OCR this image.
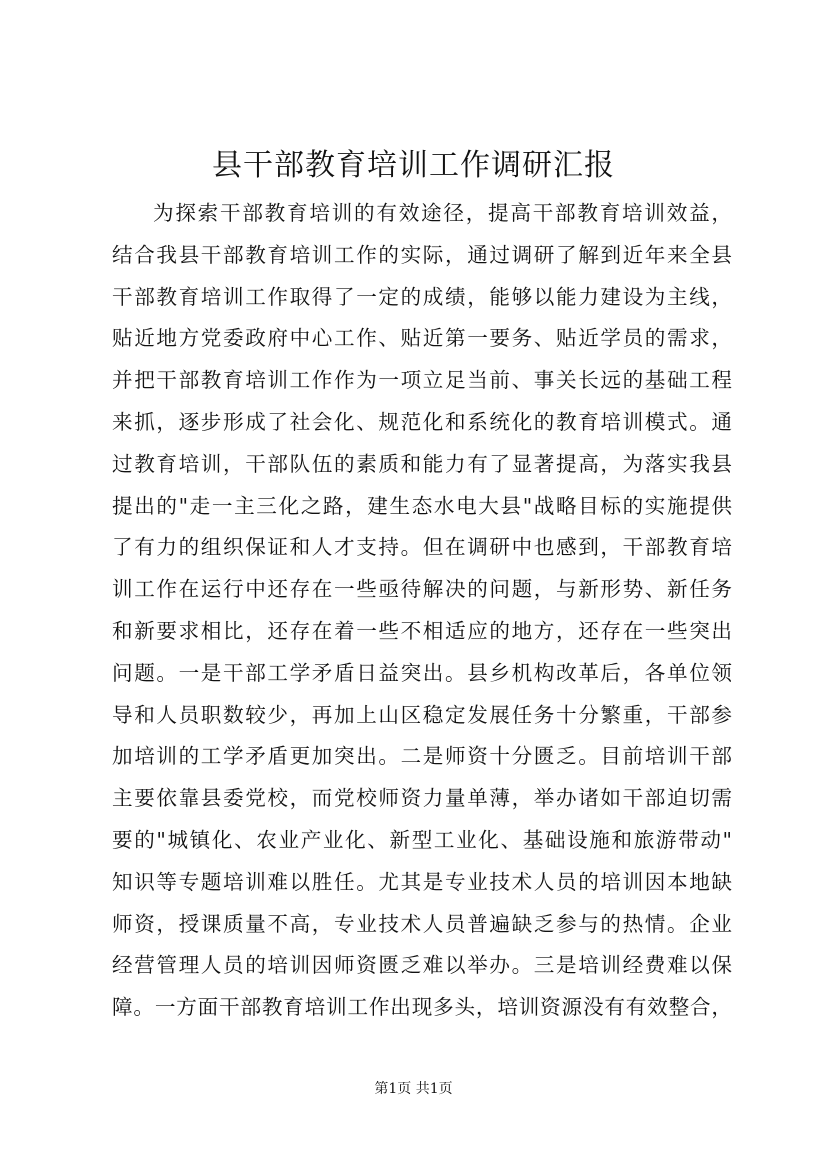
县干部教育培训工作调研汇报
为探索干部教育培训的有效途径，提高干部教育培训效益，
结合我县干部教育培训工作的实际，通过调研了解到近年来全县
干部教育培训工作取得了一定的成绩，能够以能力建设为主线，
贴近地方党委政府中心工作、贴近第一要务、贴近学员的需求，
并把干部教育培训工作作为一项立足当前、事关长远的基础工程
来抓，逐步形成了社会化、规范化和系统化的教育培训模式。通
过教育培训，干部队伍的素质和能力有了显著提高，为落实我县
提出的"走一主三化之路，建生态水电大县"战略目标的实施提供
了有力的组织保证和人才支持。但在调研中也感到，干部教育培
训工作在运行中还存在一些亟待解决的问题，与新形势、新任务
和新要求相比，还存在着一些不相适应的地方，还存在一些突出
问题。一是干部工学矛盾日益突出。县乡机构改革后，各单位领
导和人员职数较少，再加上山区稳定发展任务十分繁重，干部参
加培训的工学矛盾更加突出。二是师资十分匮乏。目前培训干部
主要依靠县委党校，而党校师资力量单薄，举办诸如干部迫切需
要的"城镇化、农业产业化、新型工业化、基础设施和旅游带动"
知识等专题培训难以胜任。尤其是专业技术人员的培训因本地缺
师资，授课质量不高，专业技术人员普遍缺乏参与的热情。企业
经营管理人员的培训因师资匮乏难以举办。三是培训经费难以保
障。一方面干部教育培训工作出现多头，培训资源没有有效整合，
第1页 共1页
